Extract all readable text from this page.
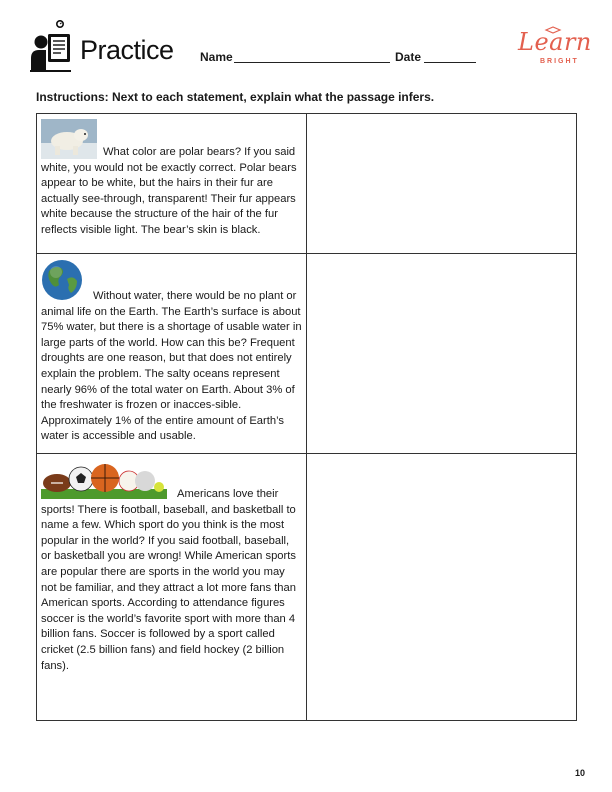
Practice Name	Date
Learn
BRIGHT
Instructions: Next to each statement, explain what the passage infers.
What color are polar bears? If you said white, you would not be exactly correct. Polar bears appear to be white, but the hairs in their fur are actually see-through, transparent! Their fur appears white because the structure of the hair of the fur reflects visible light. The bear’s skin is black.
Without water, there would be no plant or animal life on the Earth. The Earth’s surface is about 75% water, but there is a shortage of usable water in large parts of the world. How can this be? Frequent droughts are one reason, but that does not entirely explain the problem. The salty oceans represent nearly 96% of the total water on Earth. About 3% of the freshwater is frozen or inacces-sible. Approximately 1% of the entire amount of Earth’s water is accessible and usable.
Americans love their sports! There is football, baseball, and basketball to name a few. Which sport do you think is the most popular in the world? If you said football, baseball, or basketball you are wrong! While American sports are popular there are sports in the world you may not be familiar, and they attract a lot more fans than American sports. According to attendance figures soccer is the world’s favorite sport with more than 4 billion fans. Soccer is followed by a sport called cricket (2.5 billion fans) and field hockey (2 billion fans).
10
